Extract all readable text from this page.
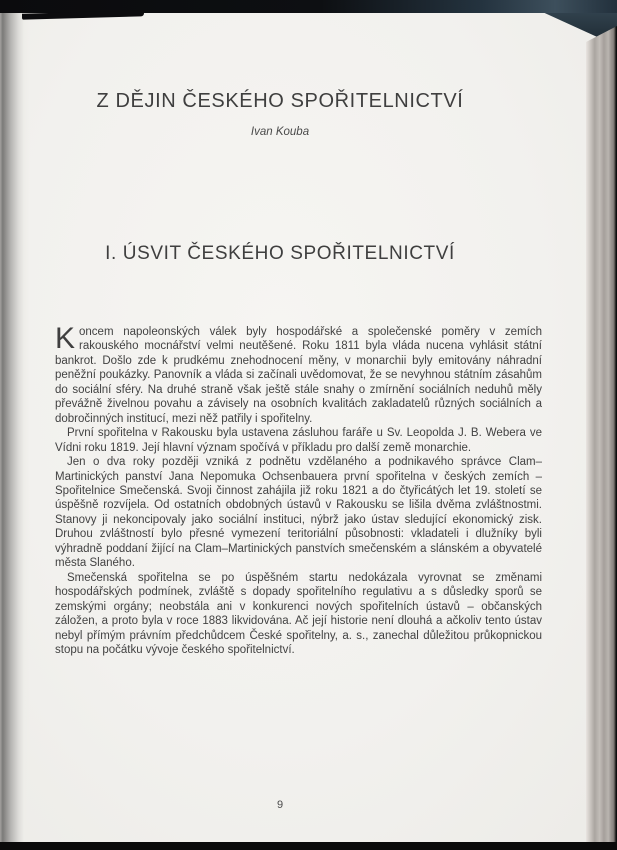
Z DĚJIN ČESKÉHO SPOŘITELNICTVÍ
Ivan Kouba
I. ÚSVIT ČESKÉHO SPOŘITELNICTVÍ

Koncem napoleonských válek byly hospodářské a společenské poměry v zemích rakouského mocnářství velmi neutěšené. Roku 1811 byla vláda nucena vyhlásit státní bankrot. Došlo zde k prudkému znehodnocení měny, v monarchii byly emitovány náhradní peněžní poukázky. Panovník a vláda si začínali uvědomovat, že se nevyhnou státním zásahům do sociální sféry. Na druhé straně však ještě stále snahy o zmírnění sociálních neduhů měly převážně živelnou povahu a závisely na osobních kvalitách zakladatelů různých sociálních a dobročinných institucí, mezi něž patřily i spořitelny.

První spořitelna v Rakousku byla ustavena zásluhou faráře u Sv. Leopolda J. B. Webera ve Vídni roku 1819. Její hlavní význam spočívá v příkladu pro další země monarchie.

Jen o dva roky později vzniká z podnětu vzdělaného a podnikavého správce Clam–Martinických panství Jana Nepomuka Ochsenbauera první spořitelna v českých zemích – Spořitelnice Smečenská. Svoji činnost zahájila již roku 1821 a do čtyřicátých let 19. století se úspěšně rozvíjela. Od ostatních obdobných ústavů v Rakousku se lišila dvěma zvláštnostmi. Stanovy ji nekoncipovaly jako sociální instituci, nýbrž jako ústav sledující ekonomický zisk. Druhou zvláštností bylo přesné vymezení teritoriální působnosti: vkladateli i dlužníky byli výhradně poddaní žijící na Clam–Martinických panstvích smečenském a slánském a obyvatelé města Slaného.

Smečenská spořitelna se po úspěšném startu nedokázala vyrovnat se změnami hospodářských podmínek, zvláště s dopady spořitelního regulativu a s důsledky sporů se zemskými orgány; neobstála ani v konkurenci nových spořitelních ústavů – občanských záložen, a proto byla v roce 1883 likvidována. Ač její historie není dlouhá a ačkoliv tento ústav nebyl přímým právním předchůdcem České spořitelny, a. s., zanechal důležitou průkopnickou stopu na počátku vývoje českého spořitelnictví.

9
